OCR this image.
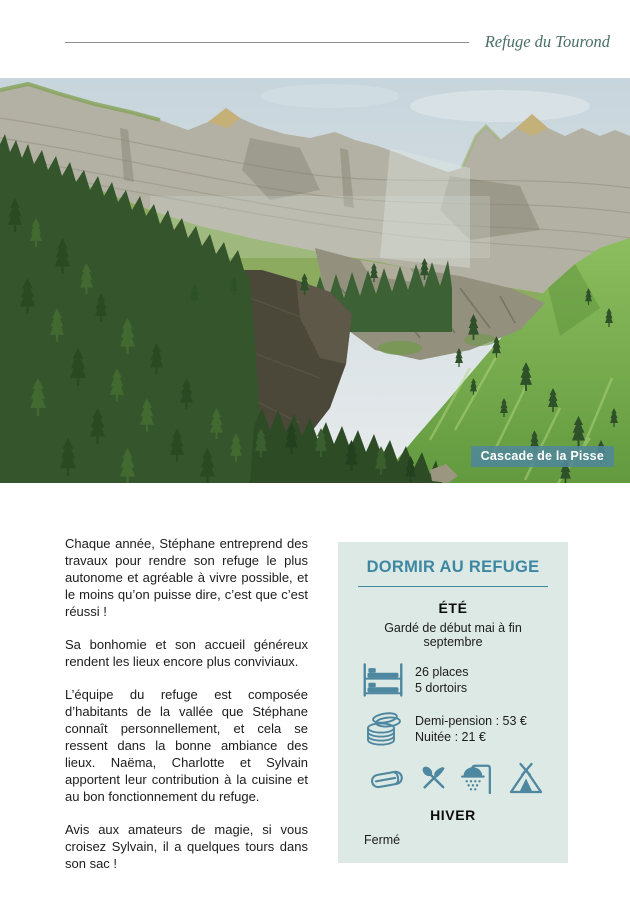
Refuge du Tourond
Cascade de la Pisse

Chaque année, Stéphane entreprend des travaux pour rendre son refuge le plus autonome et agréable à vivre possible, et le moins qu’on puisse dire, c’est que c’est réussi !

Sa bonhomie et son accueil généreux rendent les lieux encore plus conviviaux.

L’équipe du refuge est composée d’habitants de la vallée que Stéphane connaît personnellement, et cela se ressent dans la bonne ambiance des lieux. Naëma, Charlotte et Sylvain apportent leur contribution à la cuisine et au bon fonctionnement du refuge.

Avis aux amateurs de magie, si vous croisez Sylvain, il a quelques tours dans son sac !

DORMIR AU REFUGE
ÉTÉ
Gardé de début mai à fin septembre
26 places
5 dortoirs
Demi-pension : 53 €
Nuitée : 21 €
HIVER
Fermé
